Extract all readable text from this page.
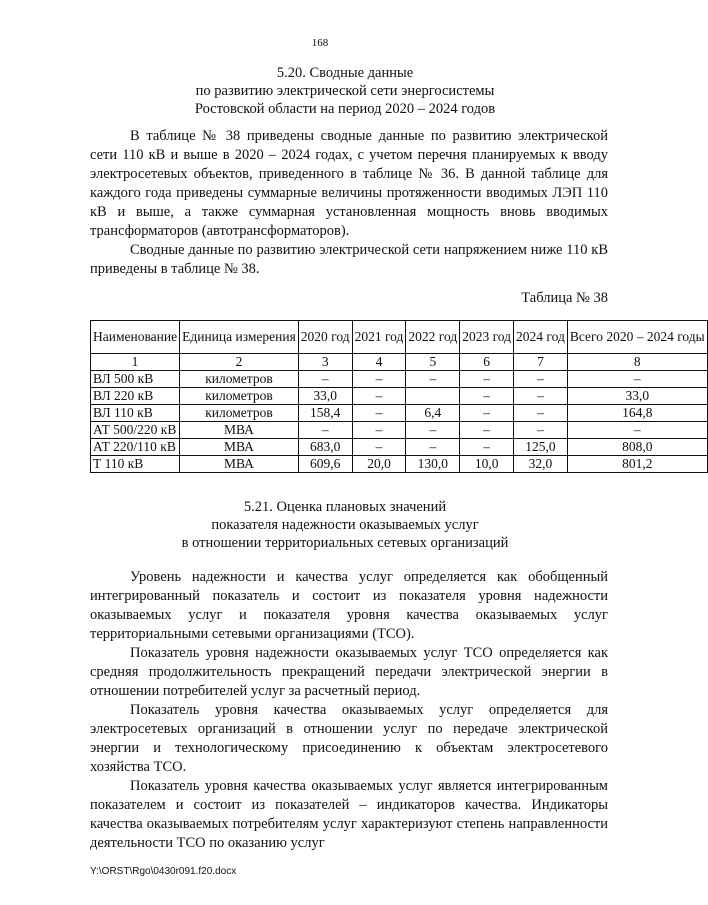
168
5.20. Сводные данные
по развитию электрической сети энергосистемы
Ростовской области на период 2020 – 2024 годов

В таблице № 38 приведены сводные данные по развитию электрической сети 110 кВ и выше в 2020 – 2024 годах, с учетом перечня планируемых к вводу электросетевых объектов, приведенного в таблице № 36. В данной таблице для каждого года приведены суммарные величины протяженности вводимых ЛЭП 110 кВ и выше, а также суммарная установленная мощность вновь вводимых трансформаторов (автотрансформаторов).

Сводные данные по развитию электрической сети напряжением ниже 110 кВ приведены в таблице № 38.

Таблица № 38
Наименование	Единица измерения	2020 год	2021 год	2022 год	2023 год	2024 год	Всего 2020 – 2024 годы
1	2	3	4	5	6	7	8
ВЛ 500 кВ	километров	–	–	–	–	–	–
ВЛ 220 кВ	километров	33,0	–		–	–	33,0
ВЛ 110 кВ	километров	158,4	–	6,4	–	–	164,8
АТ 500/220 кВ	МВА	–	–	–	–	–	–
АТ 220/110 кВ	МВА	683,0	–	–	–	125,0	808,0
Т 110 кВ	МВА	609,6	20,0	130,0	10,0	32,0	801,2
5.21. Оценка плановых значений
показателя надежности оказываемых услуг
в отношении территориальных сетевых организаций

Уровень надежности и качества услуг определяется как обобщенный интегрированный показатель и состоит из показателя уровня надежности оказываемых услуг и показателя уровня качества оказываемых услуг территориальными сетевыми организациями (ТСО).

Показатель уровня надежности оказываемых услуг ТСО определяется как средняя продолжительность прекращений передачи электрической энергии в отношении потребителей услуг за расчетный период.

Показатель уровня качества оказываемых услуг определяется для электросетевых организаций в отношении услуг по передаче электрической энергии и технологическому присоединению к объектам электросетевого хозяйства ТСО.

Показатель уровня качества оказываемых услуг является интегрированным показателем и состоит из показателей – индикаторов качества. Индикаторы качества оказываемых потребителям услуг характеризуют степень направленности деятельности ТСО по оказанию услуг

Y:\ORST\Rgo\0430r091.f20.docx
